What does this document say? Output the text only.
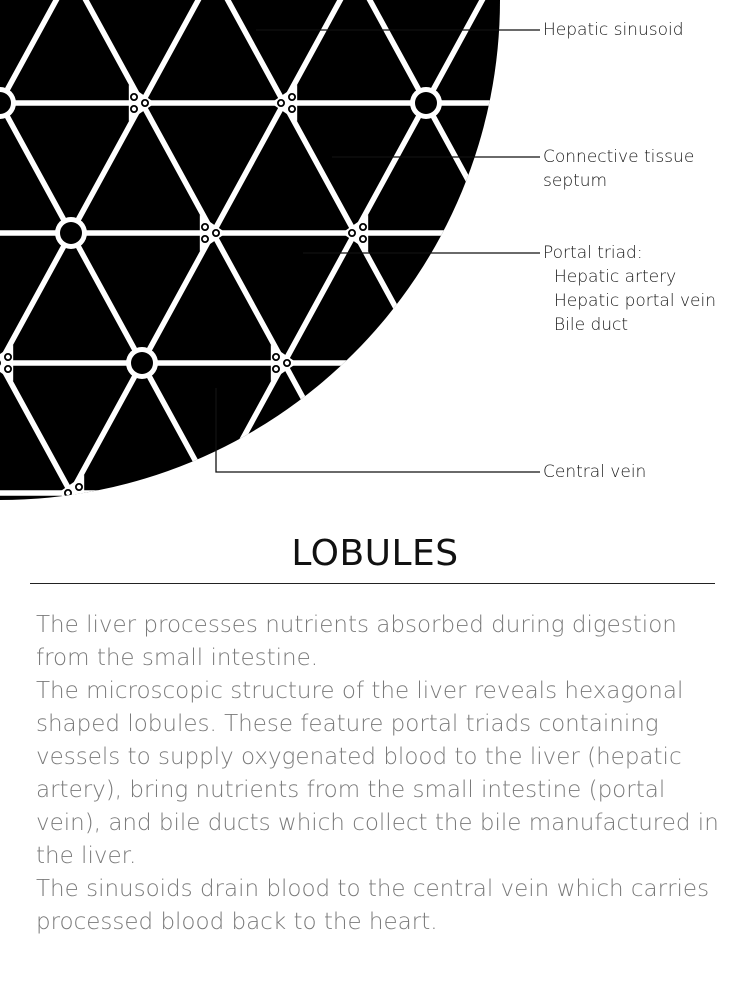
Hepatic sinusoid
Connective tissue
septum
Portal triad:
Hepatic artery
Hepatic portal vein
Bile duct
Central vein
LOBULES

The liver processes nutrients absorbed during digestion from the small intestine.

The microscopic structure of the liver reveals hexagonal shaped lobules. These feature portal triads containing vessels to supply oxygenated blood to the liver (hepatic artery), bring nutrients from the small intestine (portal vein), and bile ducts which collect the bile manufactured in the liver.

The sinusoids drain blood to the central vein which carries processed blood back to the heart.
